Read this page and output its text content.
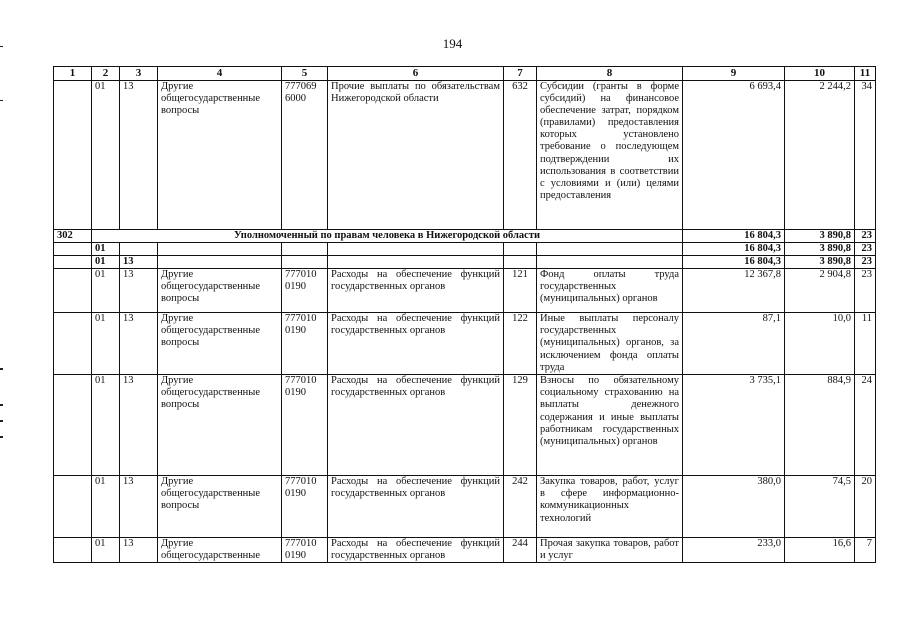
194
1	2	3	4	5	6	7	8	9	10	11
	01	13	Другие общегосударственные вопросы	777069 6000	Прочие выплаты по обязательствам Нижегородской области	632	Субсидии (гранты в форме субсидий) на финансовое обеспечение затрат, порядком (правилами) предоставления которых установлено требование о последующем подтверждении их использования в соответствии с условиями и (или) целями предоставления	6 693,4	2 244,2	34
302	Уполномоченный по правам человека в Нижегородской области							16 804,3	3 890,8	23
	01							16 804,3	3 890,8	23
	01	13						16 804,3	3 890,8	23
	01	13	Другие общегосударственные вопросы	777010 0190	Расходы на обеспечение функций государственных органов	121	Фонд оплаты труда государственных (муниципальных) органов	12 367,8	2 904,8	23
	01	13	Другие общегосударственные вопросы	777010 0190	Расходы на обеспечение функций государственных органов	122	Иные выплаты персоналу государственных (муниципальных) органов, за исключением фонда оплаты труда	87,1	10,0	11
	01	13	Другие общегосударственные вопросы	777010 0190	Расходы на обеспечение функций государственных органов	129	Взносы по обязательному социальному страхованию на выплаты денежного содержания и иные выплаты работникам государственных (муниципальных) органов	3 735,1	884,9	24
	01	13	Другие общегосударственные вопросы	777010 0190	Расходы на обеспечение функций государственных органов	242	Закупка товаров, работ, услуг в сфере информационно-коммуникационных технологий	380,0	74,5	20
	01	13	Другие общегосударственные	777010 0190	Расходы на обеспечение функций государственных органов	244	Прочая закупка товаров, работ и услуг	233,0	16,6	7
